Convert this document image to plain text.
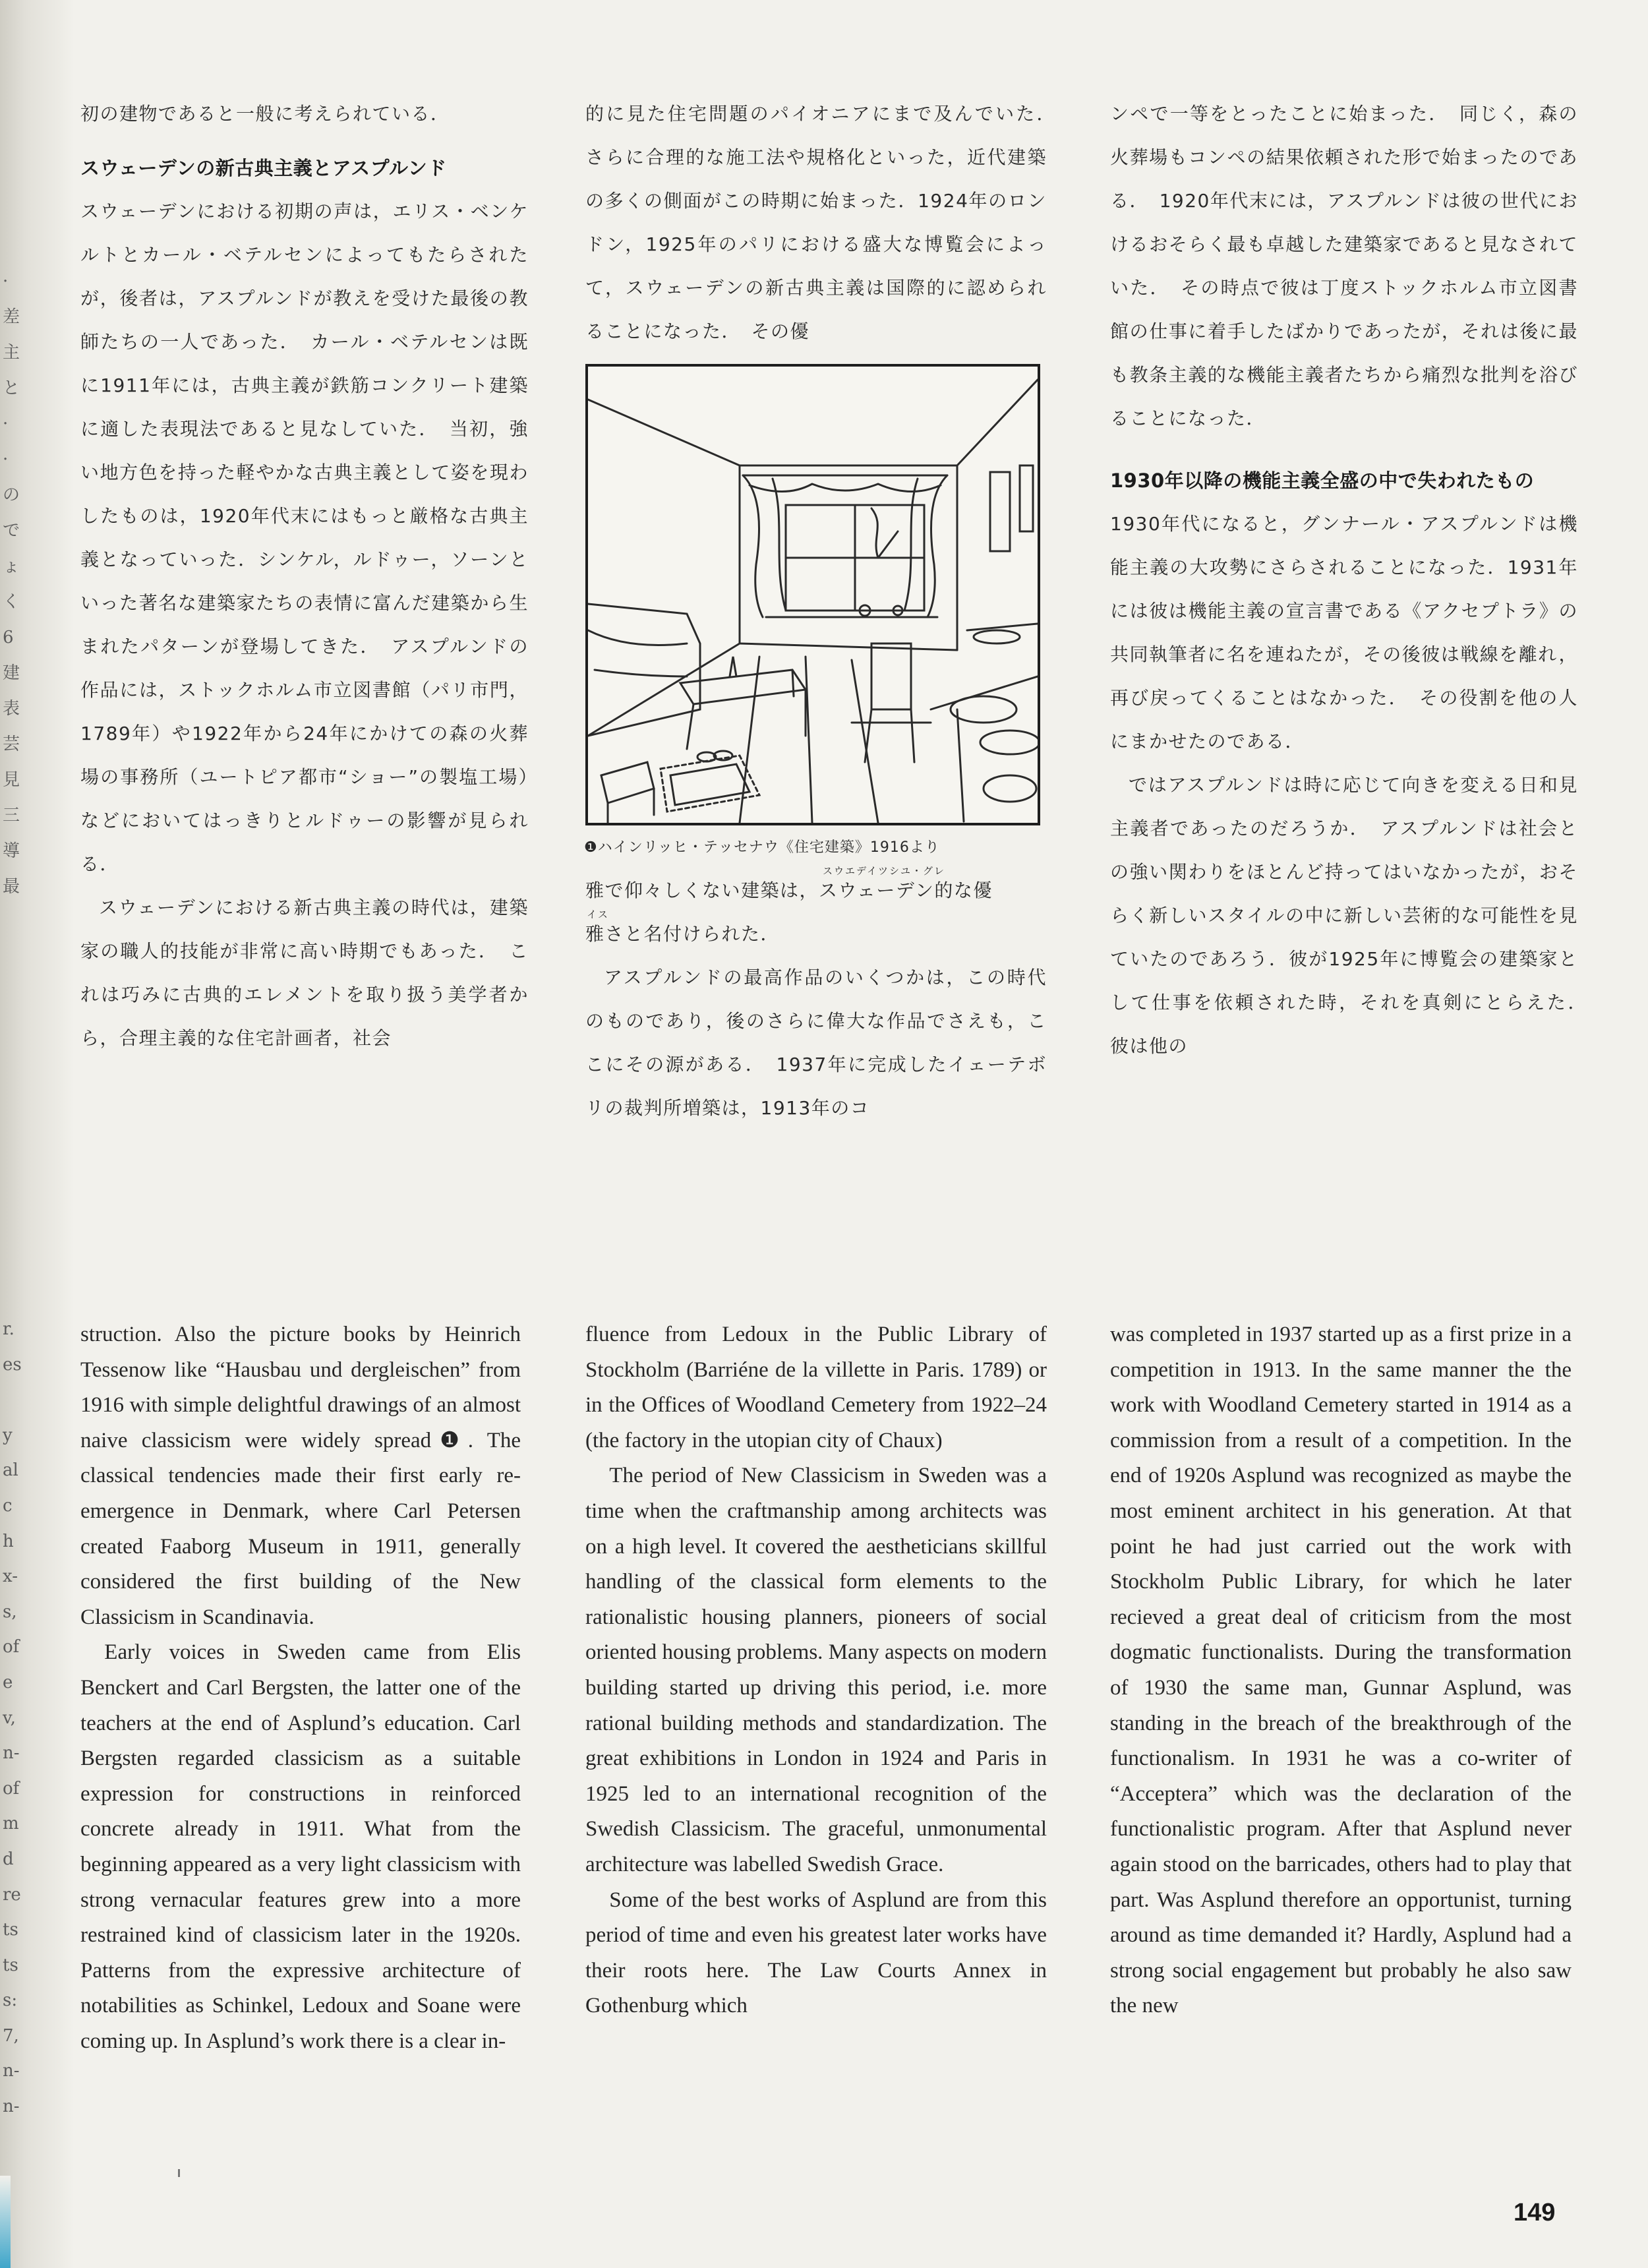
·
差
主
と
·
·
の
で
ょ
く
6
建
表
芸
見
三
導
最
r.
es

y
al
c
h
x-
s,
of
e
v,
n-
of
m
d
re
ts
ts
s:
7,
n-
n-

初の建物であると一般に考えられている．

スウェーデンの新古典主義とアスプルンド

スウェーデンにおける初期の声は，エリス・ベンケルトとカール・ベテルセンによってもたらされたが，後者は，アスプルンドが教えを受けた最後の教師たちの一人であった．　カール・ベテルセンは既に1911年には，古典主義が鉄筋コンクリート建築に適した表現法であると見なしていた．　当初，強い地方色を持った軽やかな古典主義として姿を現わしたものは，1920年代末にはもっと厳格な古典主義となっていった．シンケル，ルドゥー，ソーンといった著名な建築家たちの表情に富んだ建築から生まれたパターンが登場してきた．　アスプルンドの作品には，ストックホルム市立図書館（パリ市門，1789年）や1922年から24年にかけての森の火葬場の事務所（ユートピア都市“ショー”の製塩工場）などにおいてはっきりとルドゥーの影響が見られる．

スウェーデンにおける新古典主義の時代は，建築家の職人的技能が非常に高い時期でもあった．　これは巧みに古典的エレメントを取り扱う美学者から，合理主義的な住宅計画者，社会

的に見た住宅問題のパイオニアにまで及んでいた．　さらに合理的な施工法や規格化といった，近代建築の多くの側面がこの時期に始まった．1924年のロンドン，1925年のパリにおける盛大な博覧会によって，スウェーデンの新古典主義は国際的に認められることになった．　その優

❶ハインリッヒ・テッセナウ《住宅建築》1916より
スウエデイツシユ・グレ
雅で仰々しくない建築は，スウェーデン的な優
イス
雅さと名付けられた．

アスプルンドの最高作品のいくつかは，この時代のものであり，後のさらに偉大な作品でさえも，ここにその源がある．　1937年に完成したイェーテボリの裁判所増築は，1913年のコ

ンペで一等をとったことに始まった．　同じく，森の火葬場もコンペの結果依頼された形で始まったのである．　1920年代末には，アスプルンドは彼の世代におけるおそらく最も卓越した建築家であると見なされていた．　その時点で彼は丁度ストックホルム市立図書館の仕事に着手したばかりであったが，それは後に最も教条主義的な機能主義者たちから痛烈な批判を浴びることになった．

1930年以降の機能主義全盛の中で失われたもの

1930年代になると，グンナール・アスプルンドは機能主義の大攻勢にさらされることになった．1931年には彼は機能主義の宣言書である《アクセプトラ》の共同執筆者に名を連ねたが，その後彼は戦線を離れ，再び戻ってくることはなかった．　その役割を他の人にまかせたのである．

ではアスプルンドは時に応じて向きを変える日和見主義者であったのだろうか．　アスプルンドは社会との強い関わりをほとんど持ってはいなかったが，おそらく新しいスタイルの中に新しい芸術的な可能性を見ていたのであろう．彼が1925年に博覧会の建築家として仕事を依頼された時，それを真剣にとらえた．　彼は他の

struction. Also the picture books by Heinrich Tessenow like “Hausbau und dergleischen” from 1916 with simple delightful drawings of an almost naive classicism were widely spread❶. The classical tendencies made their first early re-emergence in Denmark, where Carl Petersen created Faaborg Museum in 1911, generally considered the first building of the New Classicism in Scandinavia.

Early voices in Sweden came from Elis Benckert and Carl Bergsten, the latter one of the teachers at the end of Asplund’s education. Carl Bergsten regarded classicism as a suitable expression for constructions in reinforced concrete already in 1911. What from the beginning appeared as a very light classicism with strong vernacular features grew into a more restrained kind of classicism later in the 1920s. Patterns from the expressive architecture of notabilities as Schinkel, Ledoux and Soane were coming up. In Asplund’s work there is a clear in-

fluence from Ledoux in the Public Library of Stockholm (Barriéne de la villette in Paris. 1789) or in the Offices of Woodland Cemetery from 1922–24 (the factory in the utopian city of Chaux)

The period of New Classicism in Sweden was a time when the craftmanship among architects was on a high level. It covered the aestheticians skillful handling of the classical form elements to the rationalistic housing planners, pioneers of social oriented housing problems. Many aspects on modern building started up driving this period, i.e. more rational building methods and standardization. The great exhibitions in London in 1924 and Paris in 1925 led to an international recognition of the Swedish Classicism. The graceful, unmonumental architecture was labelled Swedish Grace.

Some of the best works of Asplund are from this period of time and even his greatest later works have their roots here. The Law Courts Annex in Gothenburg which

was completed in 1937 started up as a first prize in a competition in 1913. In the same manner the the work with Woodland Cemetery started in 1914 as a commission from a result of a competition. In the end of 1920s Asplund was recognized as maybe the most eminent architect in his generation. At that point he had just carried out the work with Stockholm Public Library, for which he later recieved a great deal of criticism from the most dogmatic functionalists. During the transformation of 1930 the same man, Gunnar Asplund, was standing in the breach of the breakthrough of the functionalism. In 1931 he was a co-writer of “Acceptera” which was the declaration of the functionalistic program. After that Asplund never again stood on the barricades, others had to play that part. Was Asplund therefore an opportunist, turning around as time demanded it? Hardly, Asplund had a strong social engagement but probably he also saw the new

149
